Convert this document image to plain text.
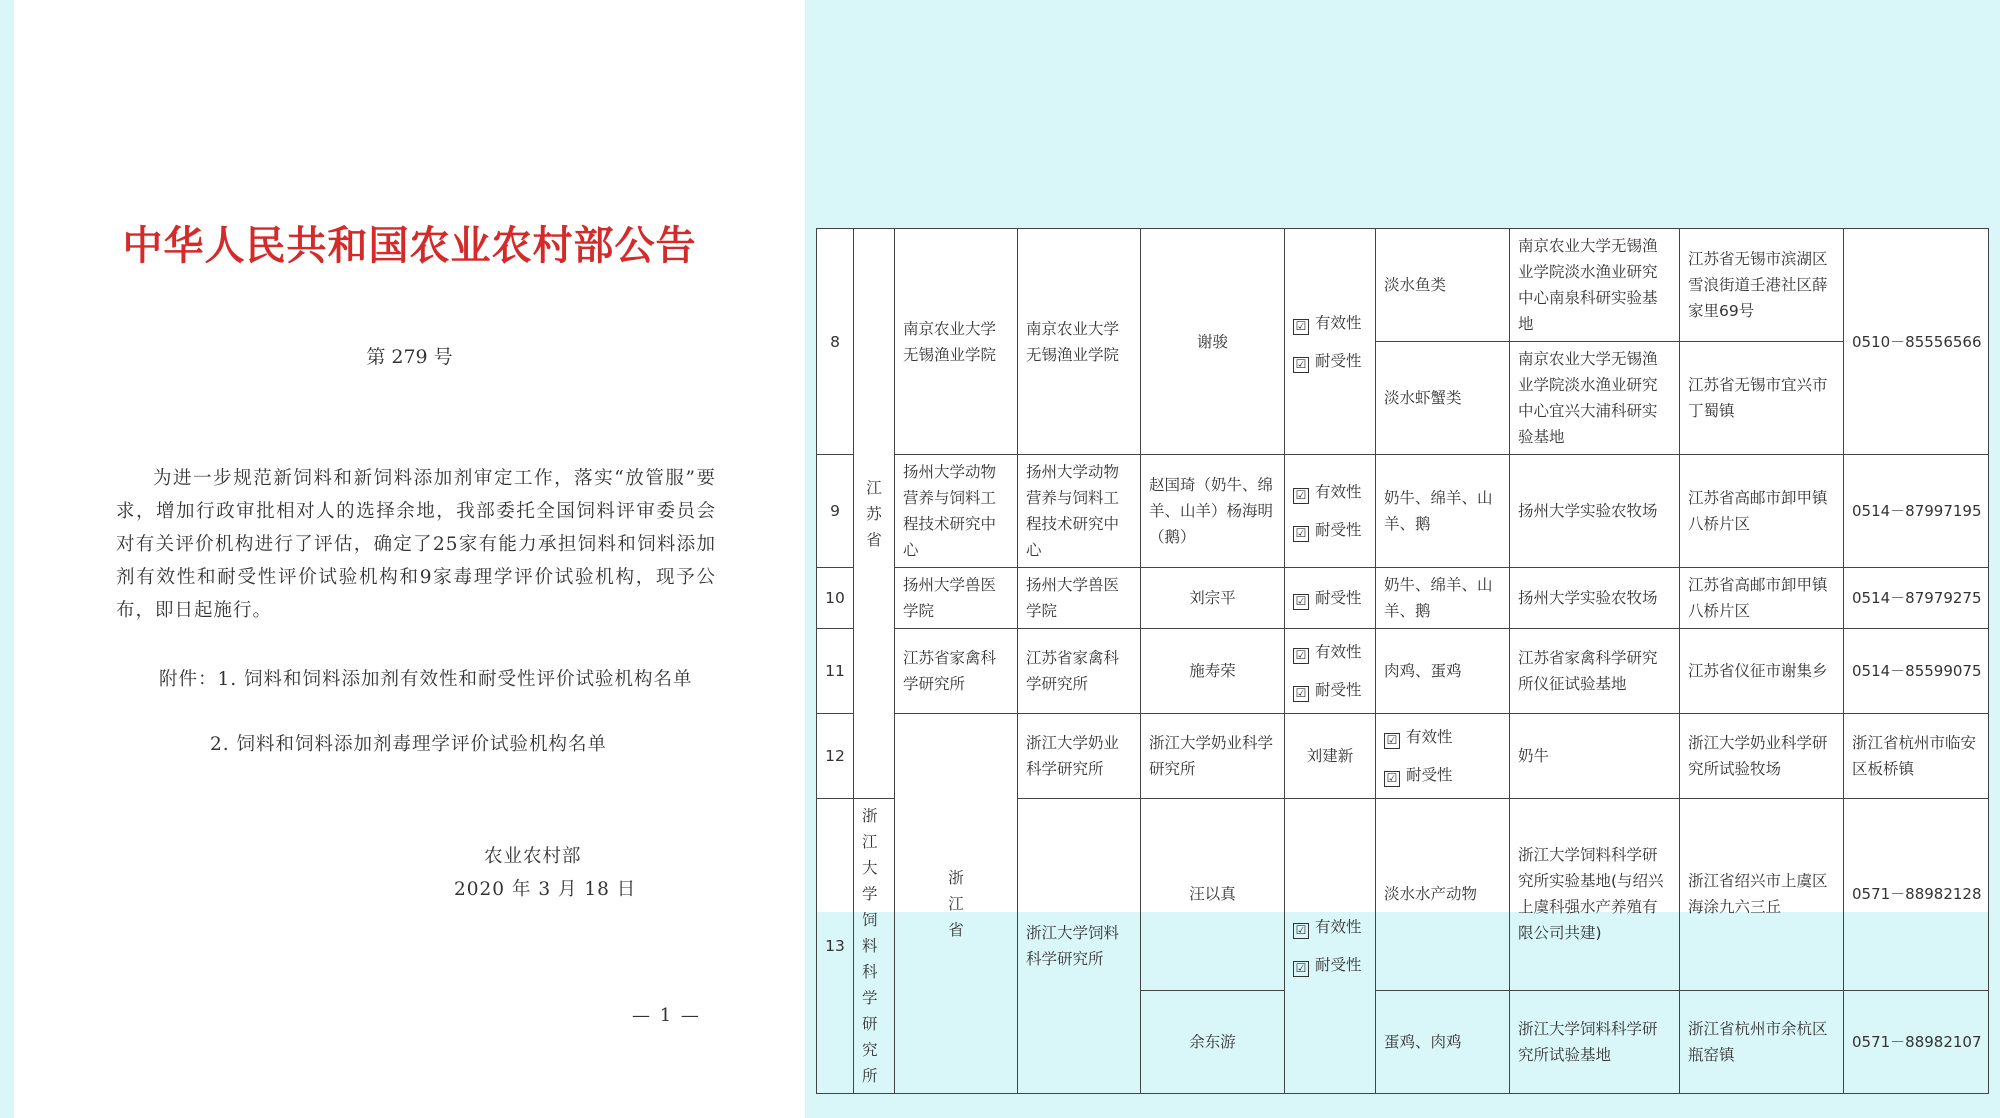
中华人民共和国农业农村部公告
第 279 号
为进一步规范新饲料和新饲料添加剂审定工作，落实“放管服”要求，增加行政审批相对人的选择余地，我部委托全国饲料评审委员会对有关评价机构进行了评估，确定了25家有能力承担饲料和饲料添加剂有效性和耐受性评价试验机构和9家毒理学评价试验机构，现予公布，即日起施行。
附件：1. 饲料和饲料添加剂有效性和耐受性评价试验机构名单
2. 饲料和饲料添加剂毒理学评价试验机构名单
农业农村部
2020 年 3 月 18 日
— 1 —
8	江苏省	南京农业大学无锡渔业学院	南京农业大学无锡渔业学院	谢骏	☑ 有效性
☑ 耐受性	淡水鱼类	南京农业大学无锡渔业学院淡水渔业研究中心南泉科研实验基地	江苏省无锡市滨湖区雪浪街道壬港社区薛家里69号	0510－85556566	
						淡水虾蟹类	南京农业大学无锡渔业学院淡水渔业研究中心宜兴大浦科研实验基地	江苏省无锡市宜兴市丁蜀镇		
9		扬州大学动物营养与饲料工程技术研究中心	扬州大学动物营养与饲料工程技术研究中心	赵国琦（奶牛、绵羊、山羊）杨海明（鹅）	☑ 有效性
☑ 耐受性	奶牛、绵羊、山羊、鹅	扬州大学实验农牧场	江苏省高邮市卸甲镇八桥片区	0514－87997195	
10		扬州大学兽医学院	扬州大学兽医学院	刘宗平	☑ 耐受性	奶牛、绵羊、山羊、鹅	扬州大学实验农牧场	江苏省高邮市卸甲镇八桥片区	0514－87979275	
11		江苏省家禽科学研究所	江苏省家禽科学研究所	施寿荣	☑ 有效性
☑ 耐受性	肉鸡、蛋鸡	江苏省家禽科学研究所仪征试验基地	江苏省仪征市谢集乡	0514－85599075	
12		浙江省	浙江大学奶业科学研究所	浙江大学奶业科学研究所	刘建新	☑ 有效性
☑ 耐受性	奶牛	浙江大学奶业科学研究所试验牧场	浙江省杭州市临安区板桥镇	
13	浙江大学饲料科学研究所		浙江大学饲料科学研究所	汪以真	☑ 有效性
☑ 耐受性	淡水水产动物	浙江大学饲料科学研究所实验基地(与绍兴上虞科强水产养殖有限公司共建)	浙江省绍兴市上虞区海涂九六三丘	0571－88982128	
				余东游		蛋鸡、肉鸡	浙江大学饲料科学研究所试验基地	浙江省杭州市余杭区瓶窑镇	0571－88982107	
